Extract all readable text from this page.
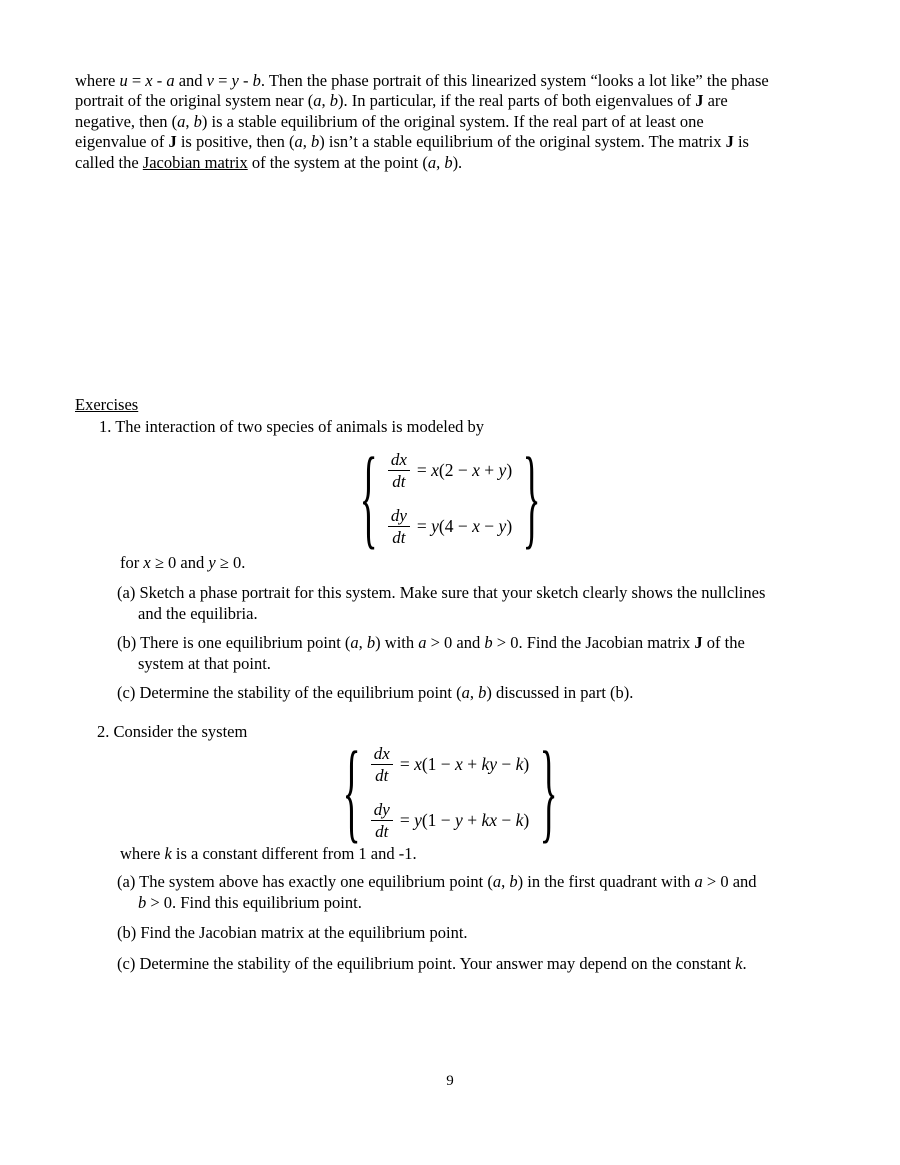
where u = x - a and v = y - b. Then the phase portrait of this linearized system “looks a lot like” the phase
portrait of the original system near (a, b). In particular, if the real parts of both eigenvalues of J are
negative, then (a, b) is a stable equilibrium of the original system. If the real part of at least one
eigenvalue of J is positive, then (a, b) isn’t a stable equilibrium of the original system. The matrix J is
called the Jacobian matrix of the system at the point (a, b).
Exercises
1. The interaction of two species of animals is modeled by
{ $\frac{dx}{dt} = x(2 - x + y)$
$\frac{dy}{dt} = y(4 - x - y)$ }
for x ≥ 0 and y ≥ 0.
(a) Sketch a phase portrait for this system. Make sure that your sketch clearly shows the nullclines
and the equilibria.
(b) There is one equilibrium point (a, b) with a > 0 and b > 0. Find the Jacobian matrix J of the
system at that point.
(c) Determine the stability of the equilibrium point (a, b) discussed in part (b).
2. Consider the system { $\frac{dx}{dt} = x(1 - x$ + ky − k)
$\frac{dy}{dt} = y(1 - y$ + kx − k) }
where k is a constant different from 1 and -1.
(a) The system above has exactly one equilibrium point (a, b) in the first quadrant with a > 0 and
b > 0. Find this equilibrium point.
(b) Find the Jacobian matrix at the equilibrium point.
(c) Determine the stability of the equilibrium point. Your answer may depend on the constant k.
9
